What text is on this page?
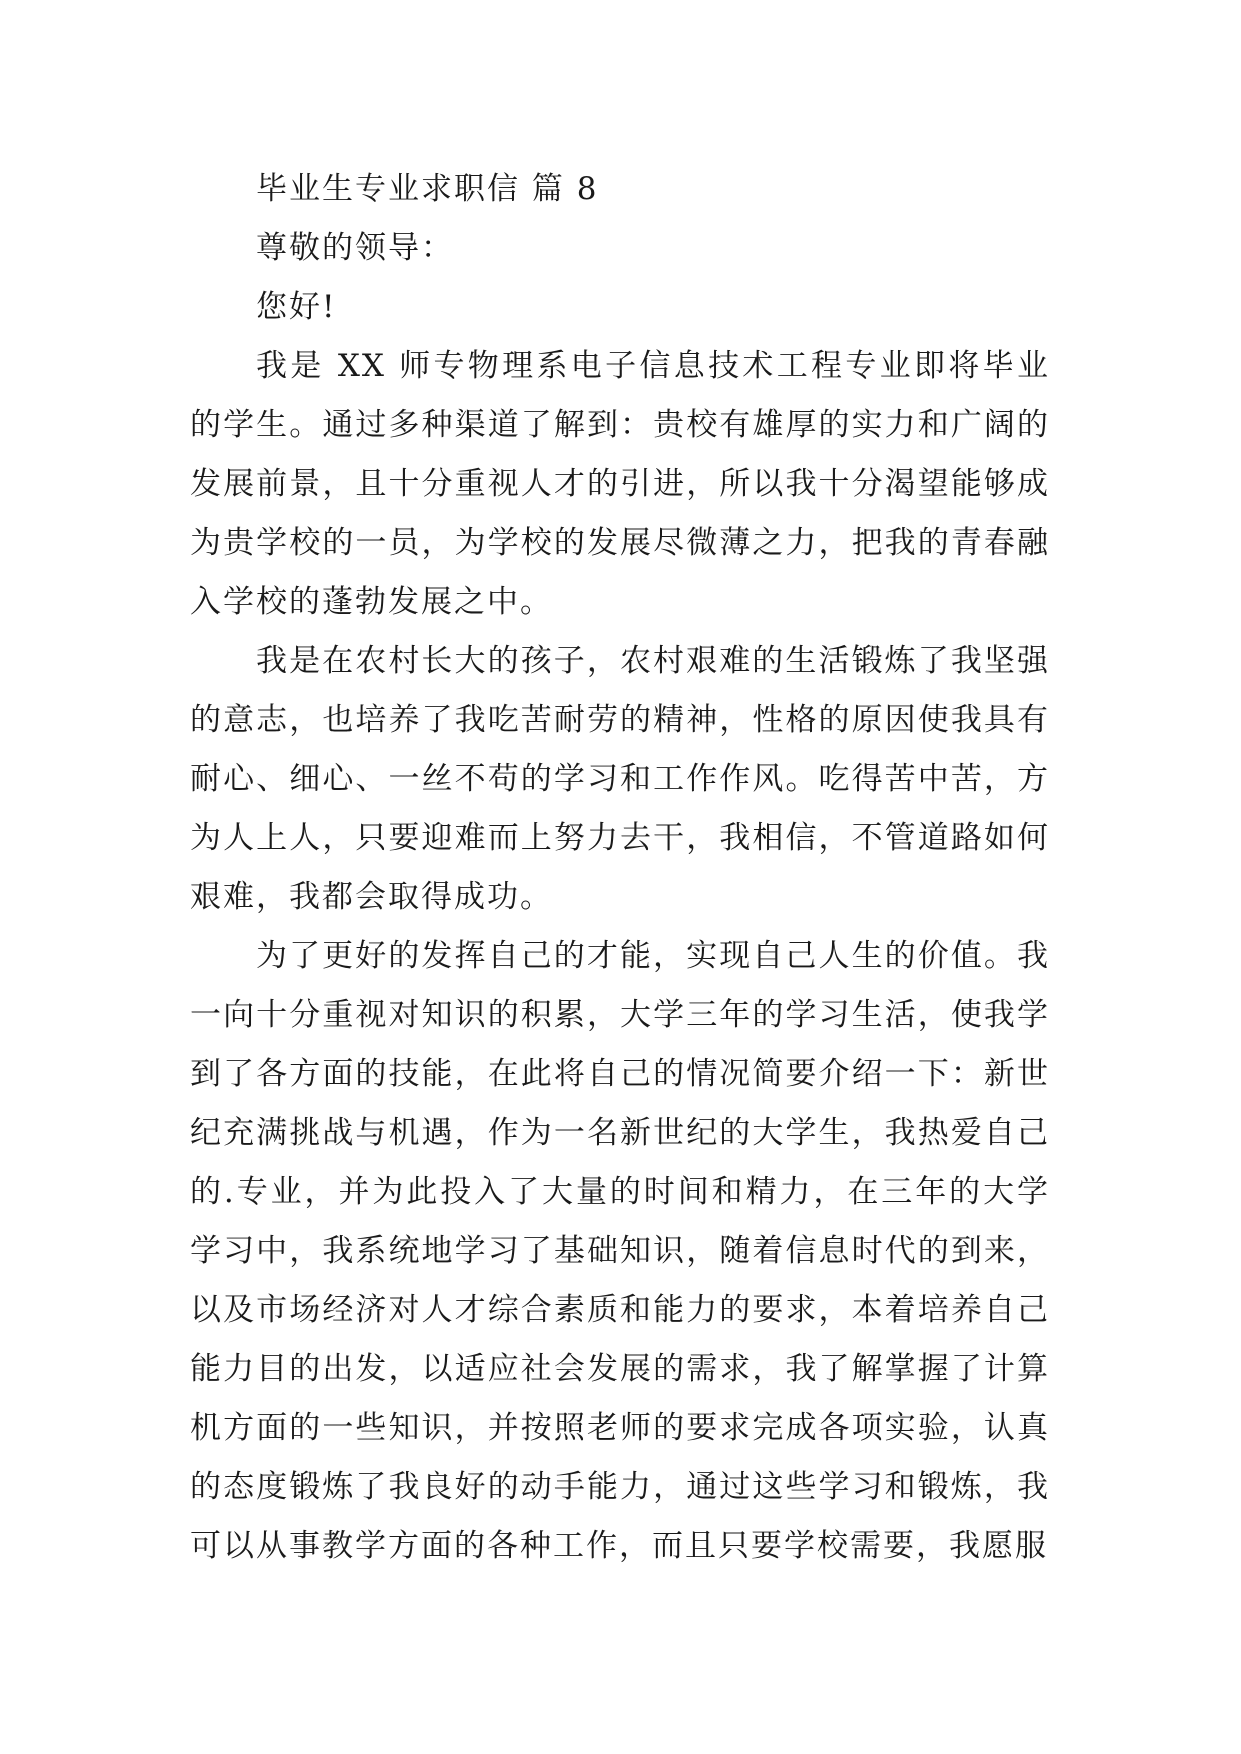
毕业生专业求职信 篇 8

尊敬的领导：

您好!

我是 XX 师专物理系电子信息技术工程专业即将毕业的学生。通过多种渠道了解到：贵校有雄厚的实力和广阔的发展前景，且十分重视人才的引进，所以我十分渴望能够成为贵学校的一员，为学校的发展尽微薄之力，把我的青春融入学校的蓬勃发展之中。

我是在农村长大的孩子，农村艰难的生活锻炼了我坚强的意志，也培养了我吃苦耐劳的精神，性格的原因使我具有耐心、细心、一丝不苟的学习和工作作风。吃得苦中苦，方为人上人，只要迎难而上努力去干，我相信，不管道路如何艰难，我都会取得成功。

为了更好的发挥自己的才能，实现自己人生的价值。我一向十分重视对知识的积累，大学三年的学习生活，使我学到了各方面的技能，在此将自己的情况简要介绍一下：新世纪充满挑战与机遇，作为一名新世纪的大学生，我热爱自己的.专业，并为此投入了大量的时间和精力，在三年的大学学习中，我系统地学习了基础知识，随着信息时代的到来，以及市场经济对人才综合素质和能力的要求，本着培养自己能力目的出发，以适应社会发展的需求，我了解掌握了计算机方面的一些知识，并按照老师的要求完成各项实验，认真的态度锻炼了我良好的动手能力，通过这些学习和锻炼，我可以从事教学方面的各种工作，而且只要学校需要，我愿服
